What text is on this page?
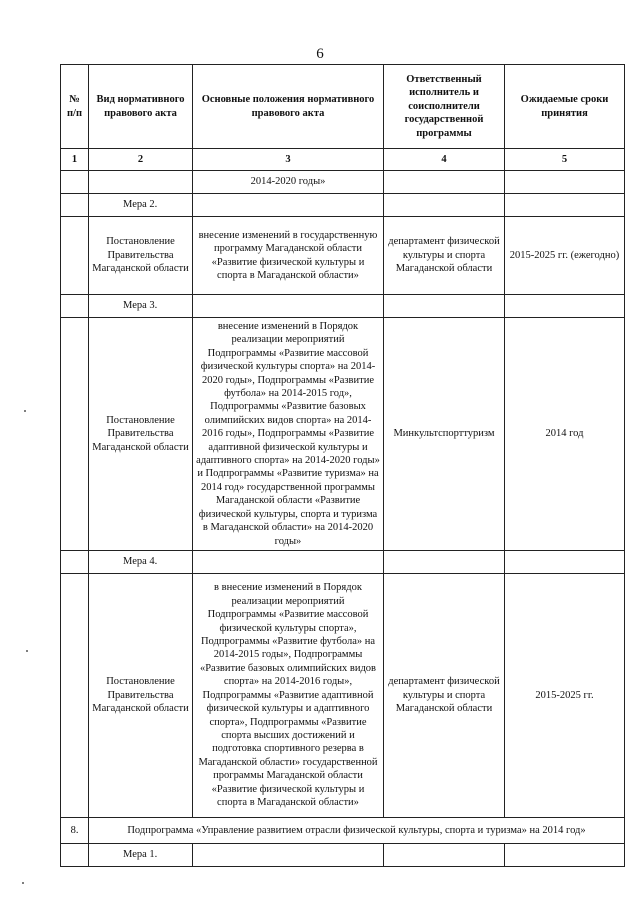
6
№ п/п	Вид нормативного правового акта	Основные положения нормативного правового акта	Ответственный исполнитель и соисполнители государственной программы	Ожидаемые сроки принятия
1	2	3	4	5
		2014-2020 годы»		
	Мера 2.			
	Постановление Правительства Магаданской области	внесение изменений в государственную программу Магаданской области «Развитие физической культуры и спорта в Магаданской области»	департамент физической культуры и спорта Магаданской области	2015-2025 гг. (ежегодно)
	Мера 3.			
	Постановление Правительства Магаданской области	внесение изменений в Порядок реализации мероприятий Подпрограммы «Развитие массовой физической культуры спорта» на 2014-2020 годы», Подпрограммы «Развитие футбола» на 2014-2015 год», Подпрограммы «Развитие базовых олимпийских видов спорта» на 2014-2016 годы», Подпрограммы «Развитие адаптивной физической культуры и адаптивного спорта» на 2014-2020 годы» и Подпрограммы «Развитие туризма» на 2014 год» государственной программы Магаданской области «Развитие физической культуры, спорта и туризма в Магаданской области» на 2014-2020 годы»	Минкультспорттуризм	2014 год
	Мера 4.			
	Постановление Правительства Магаданской области	в внесение изменений в Порядок реализации мероприятий Подпрограммы «Развитие массовой физической культуры спорта», Подпрограммы «Развитие футбола» на 2014-2015 годы», Подпрограммы «Развитие базовых олимпийских видов спорта» на 2014-2016 годы», Подпрограммы «Развитие адаптивной физической культуры и адаптивного спорта», Подпрограммы «Развитие спорта высших достижений и подготовка спортивного резерва в Магаданской области» государственной программы Магаданской области «Развитие физической культуры и спорта в Магаданской области»	департамент физической культуры и спорта Магаданской области	2015-2025 гг.
8.	Подпрограмма «Управление развитием отрасли физической культуры, спорта и туризма» на 2014 год»			
	Мера 1.			
